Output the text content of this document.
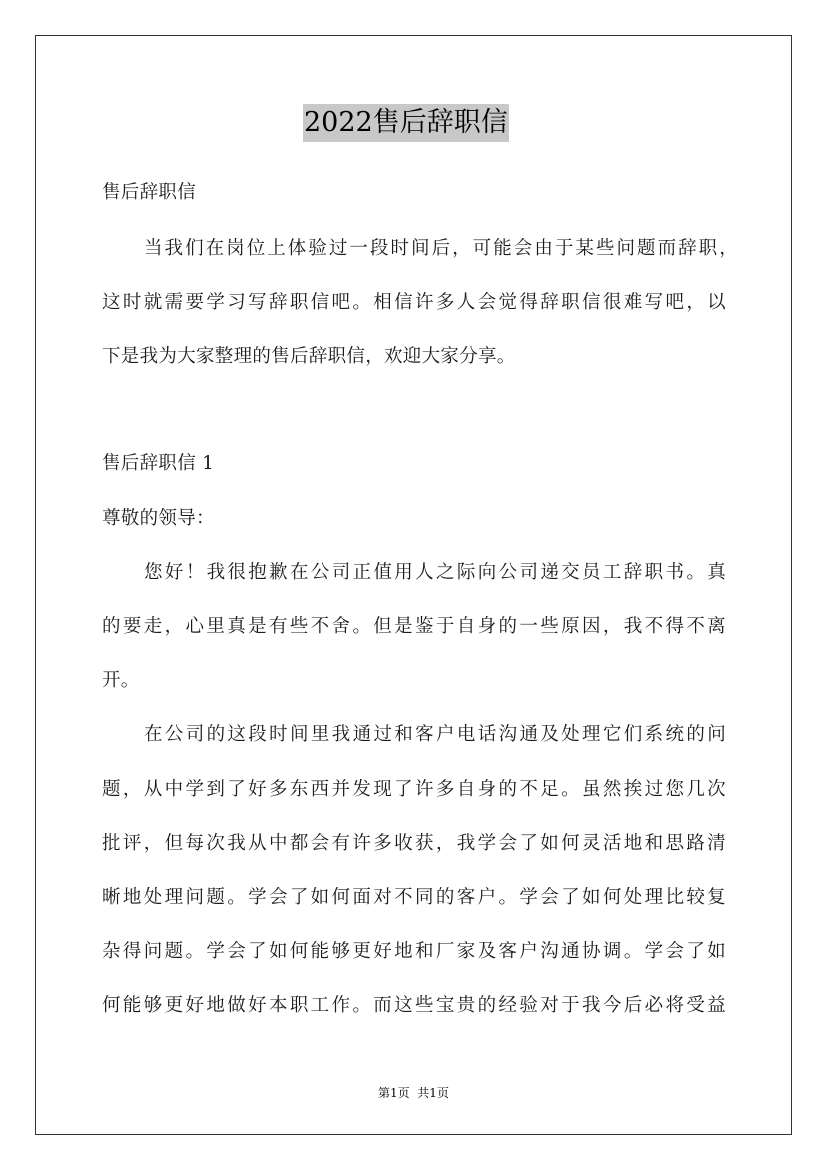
2022售后辞职信
售后辞职信
当我们在岗位上体验过一段时间后，可能会由于某些问题而辞职，
这时就需要学习写辞职信吧。相信许多人会觉得辞职信很难写吧，以
下是我为大家整理的售后辞职信，欢迎大家分享。
售后辞职信 1
尊敬的领导：
您好！我很抱歉在公司正值用人之际向公司递交员工辞职书。真
的要走，心里真是有些不舍。但是鉴于自身的一些原因，我不得不离
开。
在公司的这段时间里我通过和客户电话沟通及处理它们系统的问
题，从中学到了好多东西并发现了许多自身的不足。虽然挨过您几次
批评，但每次我从中都会有许多收获，我学会了如何灵活地和思路清
晰地处理问题。学会了如何面对不同的客户。学会了如何处理比较复
杂得问题。学会了如何能够更好地和厂家及客户沟通协调。学会了如
何能够更好地做好本职工作。而这些宝贵的经验对于我今后必将受益
第1页  共1页
